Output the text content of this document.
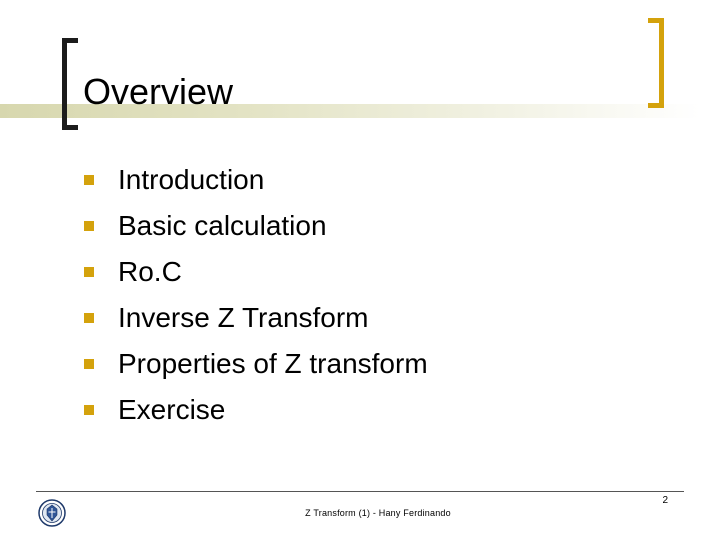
Overview
Introduction
Basic calculation
Ro.C
Inverse Z Transform
Properties of Z transform
Exercise
2
Z Transform (1) - Hany Ferdinando
